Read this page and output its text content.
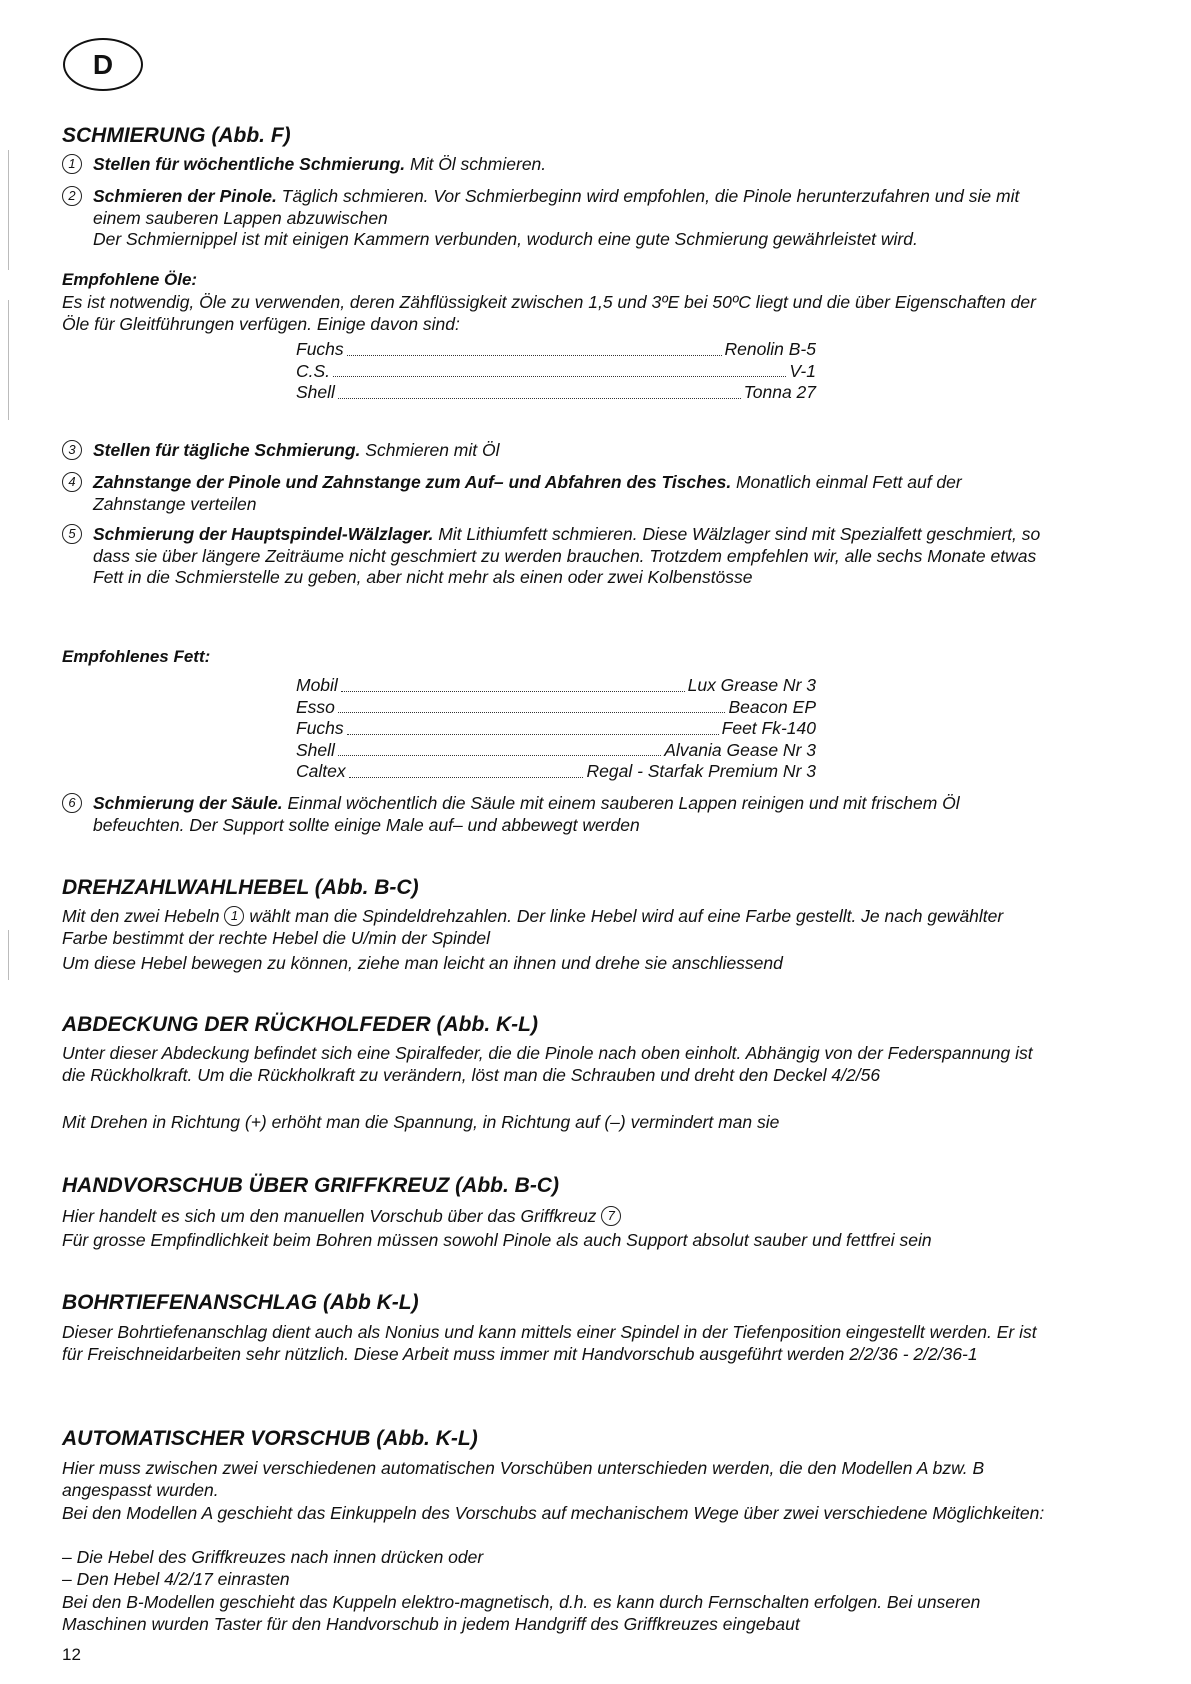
D
SCHMIERUNG (Abb. F)
1 Stellen für wöchentliche Schmierung. Mit Öl schmieren.
2 Schmieren der Pinole. Täglich schmieren. Vor Schmierbeginn wird empfohlen, die Pinole herunterzufahren und sie mit einem sauberen Lappen abzuwischen
Der Schmiernippel ist mit einigen Kammern verbunden, wodurch eine gute Schmierung gewährleistet wird.
Empfohlene Öle:
Es ist notwendig, Öle zu verwenden, deren Zähflüssigkeit zwischen 1,5 und 3ºE bei 50ºC liegt und die über Eigenschaften der Öle für Gleitführungen verfügen. Einige davon sind:
Fuchs	Renolin B-5
C.S.	V-1
Shell	Tonna 27
3 Stellen für tägliche Schmierung. Schmieren mit Öl
4 Zahnstange der Pinole und Zahnstange zum Auf– und Abfahren des Tisches. Monatlich einmal Fett auf der Zahnstange verteilen
5 Schmierung der Hauptspindel-Wälzlager. Mit Lithiumfett schmieren. Diese Wälzlager sind mit Spezialfett geschmiert, so dass sie über längere Zeiträume nicht geschmiert zu werden brauchen. Trotzdem empfehlen wir, alle sechs Monate etwas Fett in die Schmierstelle zu geben, aber nicht mehr als einen oder zwei Kolbenstösse
Empfohlenes Fett:
Mobil	Lux Grease Nr 3
Esso	Beacon EP
Fuchs	Feet Fk-140
Shell	Alvania Gease Nr 3
Caltex	Regal - Starfak Premium Nr 3
6 Schmierung der Säule. Einmal wöchentlich die Säule mit einem sauberen Lappen reinigen und mit frischem Öl befeuchten. Der Support sollte einige Male auf– und abbewegt werden
DREHZAHLWAHLHEBEL (Abb. B-C)
Mit den zwei Hebeln 1 wählt man die Spindeldrehzahlen. Der linke Hebel wird auf eine Farbe gestellt. Je nach gewählter Farbe bestimmt der rechte Hebel die U/min der Spindel
Um diese Hebel bewegen zu können, ziehe man leicht an ihnen und drehe sie anschliessend
ABDECKUNG DER RÜCKHOLFEDER (Abb. K-L)
Unter dieser Abdeckung befindet sich eine Spiralfeder, die die Pinole nach oben einholt. Abhängig von der Federspannung ist die Rückholkraft. Um die Rückholkraft zu verändern, löst man die Schrauben und dreht den Deckel 4/2/56
Mit Drehen in Richtung (+) erhöht man die Spannung, in Richtung auf (–) vermindert man sie
HANDVORSCHUB ÜBER GRIFFKREUZ (Abb. B-C)
Hier handelt es sich um den manuellen Vorschub über das Griffkreuz 7
Für grosse Empfindlichkeit beim Bohren müssen sowohl Pinole als auch Support absolut sauber und fettfrei sein
BOHRTIEFENANSCHLAG (Abb K-L)
Dieser Bohrtiefenanschlag dient auch als Nonius und kann mittels einer Spindel in der Tiefenposition eingestellt werden. Er ist für Freischneidarbeiten sehr nützlich. Diese Arbeit muss immer mit Handvorschub ausgeführt werden 2/2/36 - 2/2/36-1
AUTOMATISCHER VORSCHUB (Abb. K-L)
Hier muss zwischen zwei verschiedenen automatischen Vorschüben unterschieden werden, die den Modellen A bzw. B angespasst wurden.
Bei den Modellen A geschieht das Einkuppeln des Vorschubs auf mechanischem Wege über zwei verschiedene Möglichkeiten:
– Die Hebel des Griffkreuzes nach innen drücken oder
– Den Hebel 4/2/17 einrasten
Bei den B-Modellen geschieht das Kuppeln elektro-magnetisch, d.h. es kann durch Fernschalten erfolgen. Bei unseren Maschinen wurden Taster für den Handvorschub in jedem Handgriff des Griffkreuzes eingebaut
12
